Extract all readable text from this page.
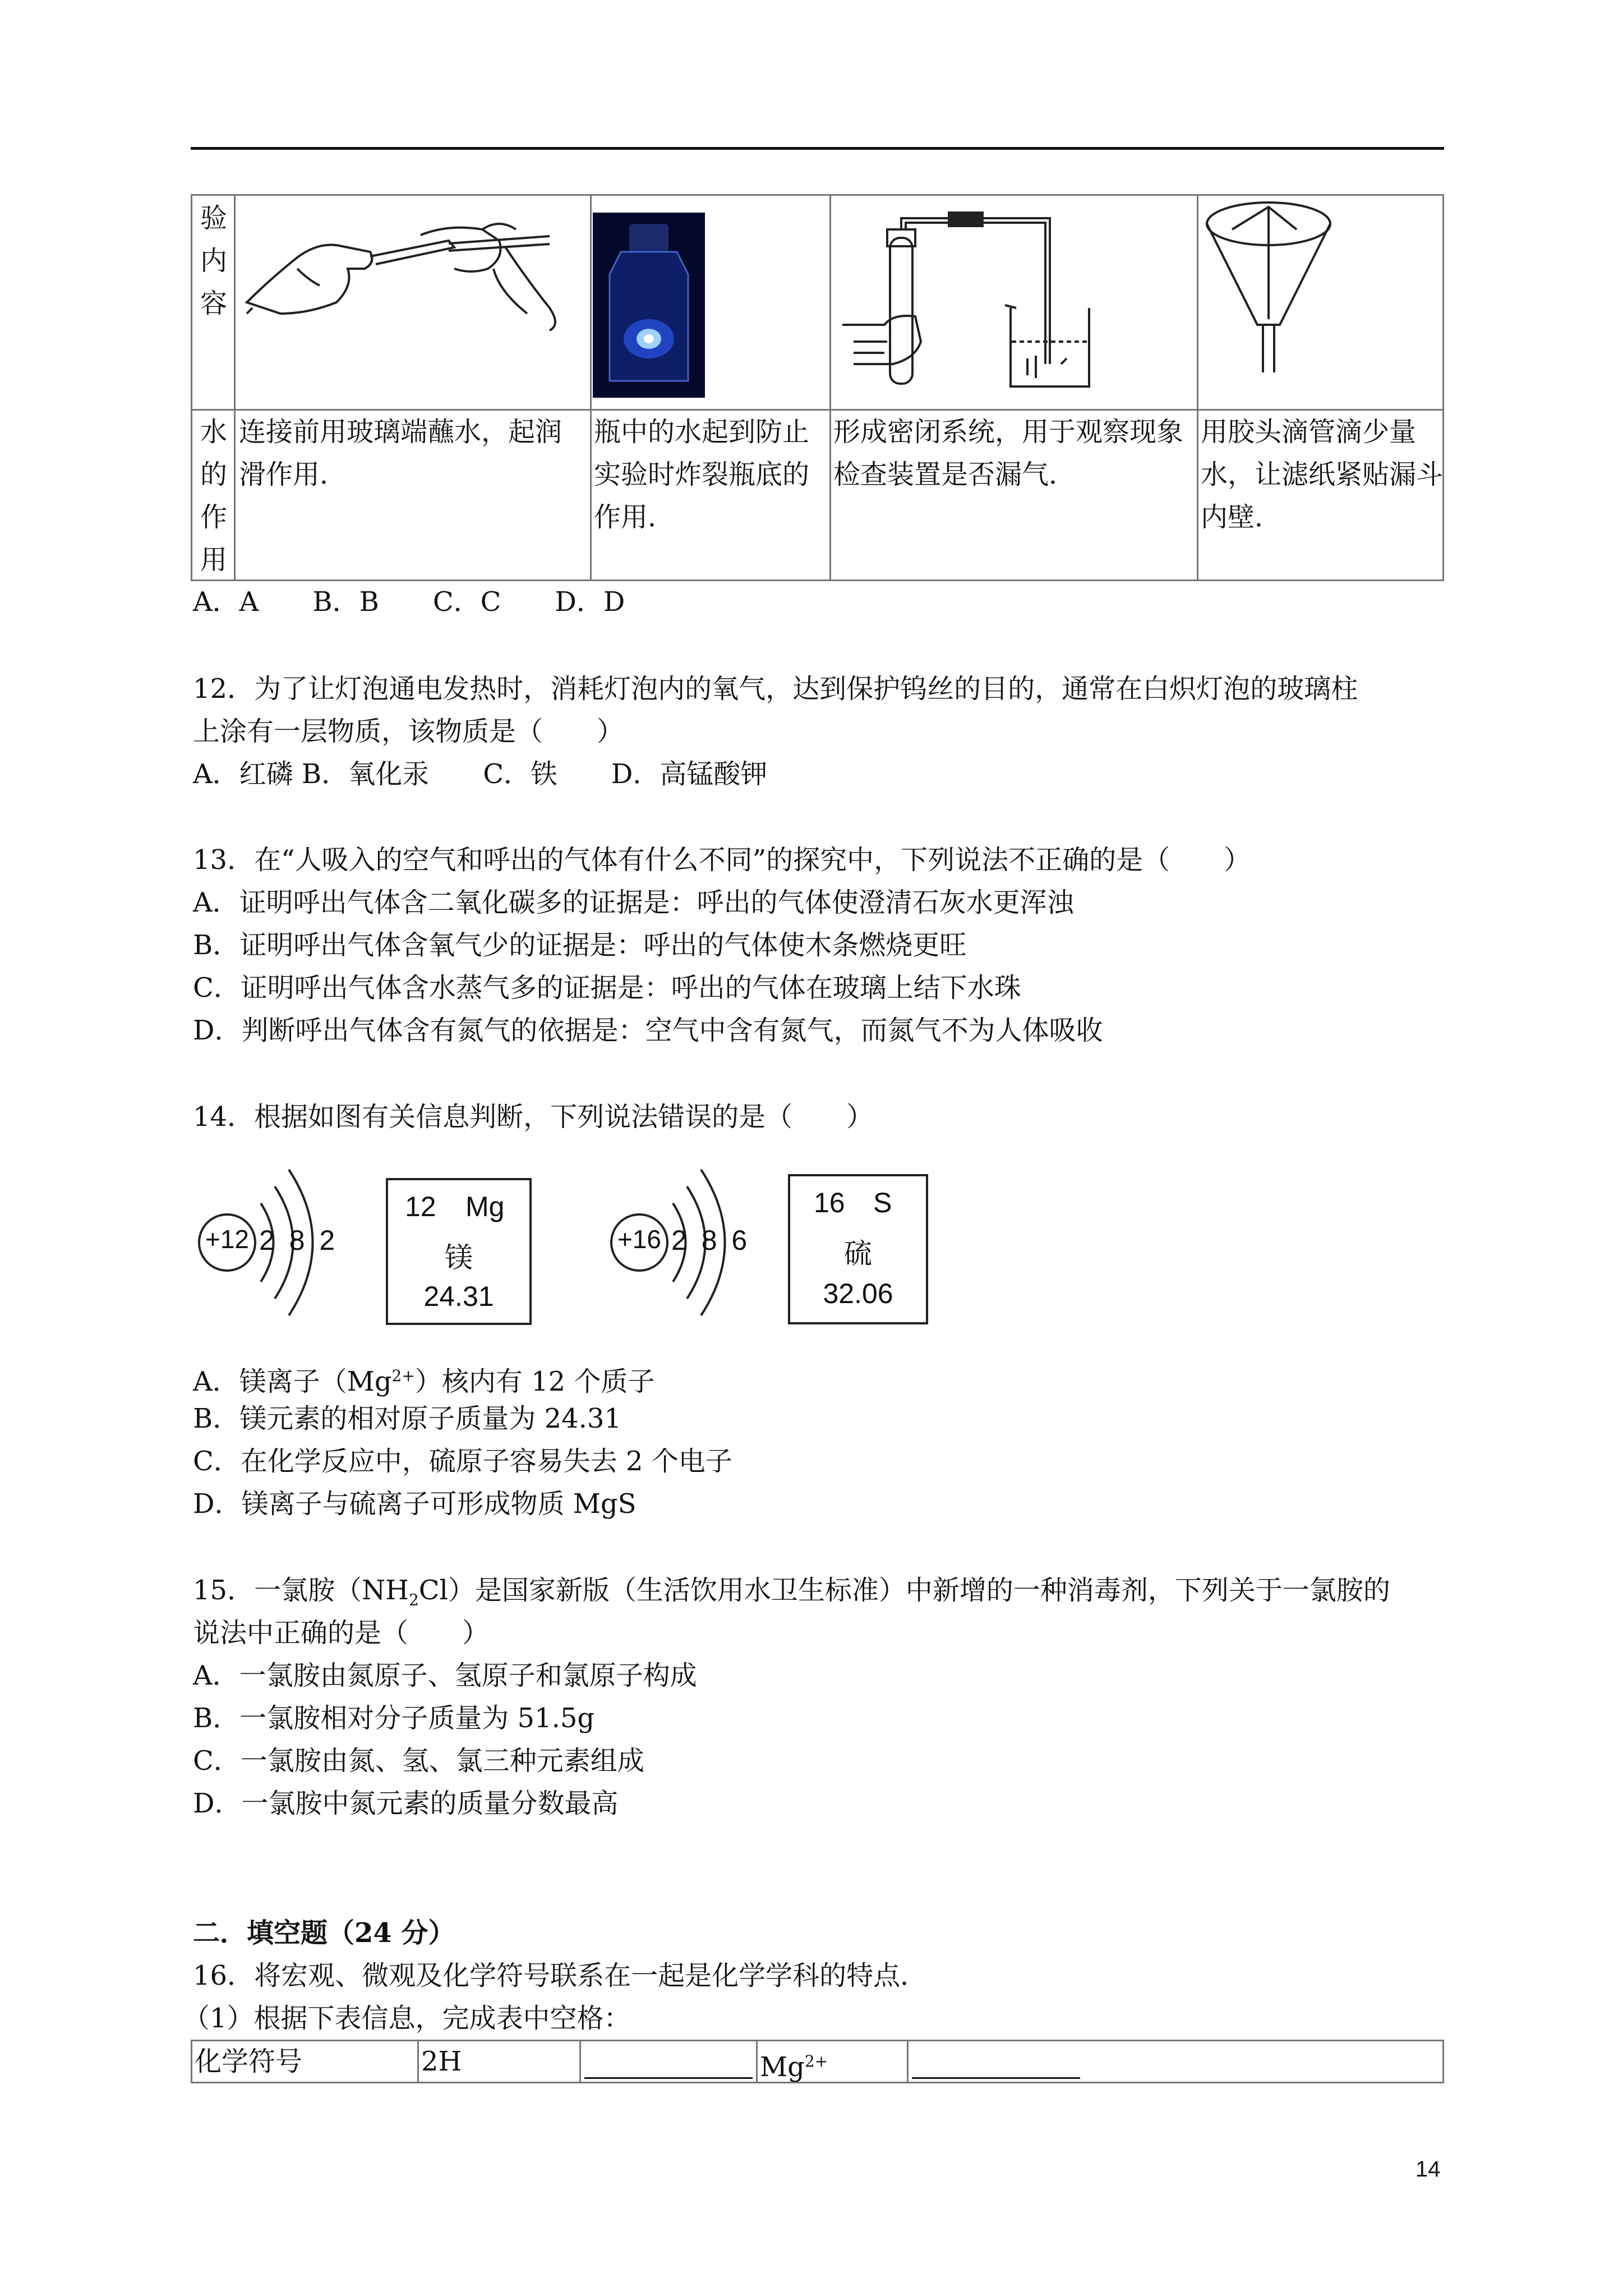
验
内
容
水
的
作
用
连接前用玻璃端蘸水，起润滑作用．
瓶中的水起到防止实验时炸裂瓶底的作用．
形成密闭系统，用于观察现象检查装置是否漏气．
用胶头滴管滴少量水，让滤纸紧贴漏斗内壁．
A．A　　B．B　　C．C　　D．D
12．为了让灯泡通电发热时，消耗灯泡内的氧气，达到保护钨丝的目的，通常在白炽灯泡的玻璃柱
上涂有一层物质，该物质是（　　）
A．红磷 B．氧化汞　　C．铁　　D．高锰酸钾
13．在“人吸入的空气和呼出的气体有什么不同”的探究中，下列说法不正确的是（　　）
A．证明呼出气体含二氧化碳多的证据是：呼出的气体使澄清石灰水更浑浊
B．证明呼出气体含氧气少的证据是：呼出的气体使木条燃烧更旺
C．证明呼出气体含水蒸气多的证据是：呼出的气体在玻璃上结下水珠
D．判断呼出气体含有氮气的依据是：空气中含有氮气，而氮气不为人体吸收
14．根据如图有关信息判断，下列说法错误的是（　　）
+12 2 8 2
12 Mg
镁
24.31
+16 2 8 6
16 S
硫
32.06
A．镁离子$(Mg^{2+})$核内有 12 个质子
B．镁元素的相对原子质量为 24.31
C．在化学反应中，硫原子容易失去 2 个电子
D．镁离子与硫离子可形成物质 MgS
15．一氯胺$(NH_2Cl)$是国家新版（生活饮用水卫生标准）中新增的一种消毒剂，下列关于一氯胺的
说法中正确的是（　　）
A．一氯胺由氮原子、氢原子和氯原子构成
B．一氯胺相对分子质量为 51.5g
C．一氯胺由氮、氢、氯三种元素组成
D．一氯胺中氮元素的质量分数最高
二．填空题（24 分）
16．将宏观、微观及化学符号联系在一起是化学学科的特点．
（1）根据下表信息，完成表中空格：
化学符号	2H	$Mg^{2+}$
14
